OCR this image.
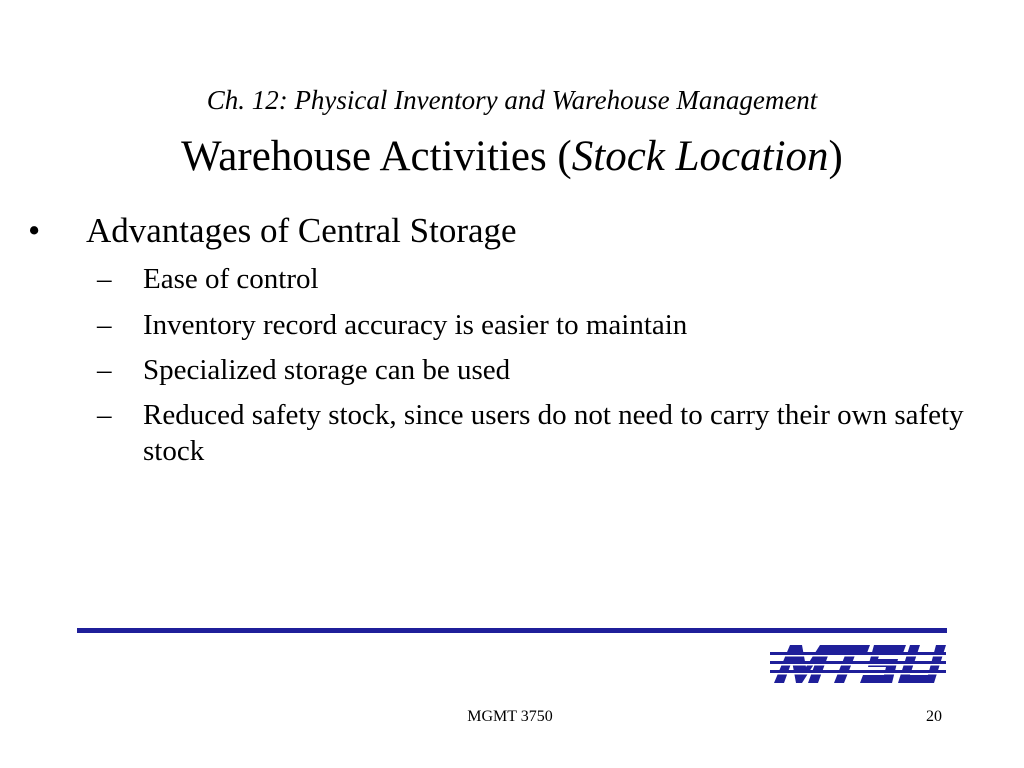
Ch. 12: Physical Inventory and Warehouse Management
Warehouse Activities (Stock Location)
• Advantages of Central Storage
– Ease of control
– Inventory record accuracy is easier to maintain
– Specialized storage can be used
– Reduced safety stock, since users do not need to carry their own safety stock
MGMT 3750	20
